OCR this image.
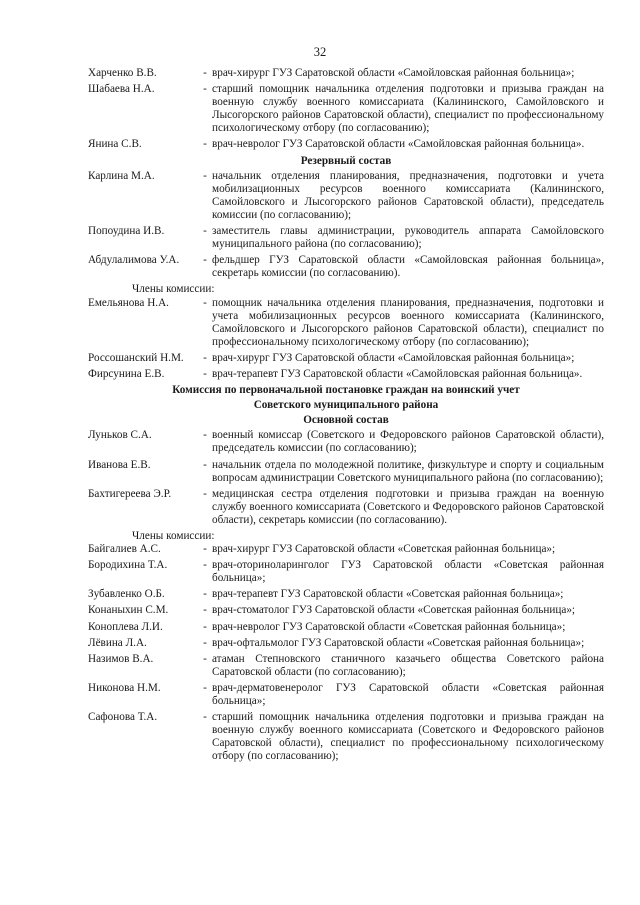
32
Харченко В.В.	- врач-хирург ГУЗ Саратовской области «Самойловская районная больница»;
Шабаева Н.А.	- старший помощник начальника отделения подготовки и призыва граждан на военную службу военного комиссариата (Калининского, Самойловского и Лысогорского районов Саратовской области), специалист по профессиональному психологическому отбору (по согласованию);
Янина С.В.	- врач-невролог ГУЗ Саратовской области «Самойловская районная больница».
Резервный состав
Карлина М.А.	- начальник отделения планирования, предназначения, подготовки и учета мобилизационных ресурсов военного комиссариата (Калининского, Самойловского и Лысогорского районов Саратовской области), председатель комиссии (по согласованию);
Попоудина И.В.	- заместитель главы администрации, руководитель аппарата Самойловского муниципального района (по согласованию);
Абдулалимова У.А.	- фельдшер ГУЗ Саратовской области «Самойловская районная больница», секретарь комиссии (по согласованию).
Члены комиссии:
Емельянова Н.А.	- помощник начальника отделения планирования, предназначения, подготовки и учета мобилизационных ресурсов военного комиссариата (Калининского, Самойловского и Лысогорского районов Саратовской области), специалист по профессиональному психологическому отбору (по согласованию);
Россошанский Н.М.	- врач-хирург ГУЗ Саратовской области «Самойловская районная больница»;
Фирсунина Е.В.	- врач-терапевт ГУЗ Саратовской области «Самойловская районная больница».
Комиссия по первоначальной постановке граждан на воинский учет
Советского муниципального района
Основной состав
Луньков С.А.	- военный комиссар (Советского и Федоровского районов Саратовской области), председатель комиссии (по согласованию);
Иванова Е.В.	- начальник отдела по молодежной политике, физкультуре и спорту и социальным вопросам администрации Советского муниципального района (по согласованию);
Бахтигереева Э.Р.	- медицинская сестра отделения подготовки и призыва граждан на военную службу военного комиссариата (Советского и Федоровского районов Саратовской области), секретарь комиссии (по согласованию).
Члены комиссии:
Байгалиев А.С.	- врач-хирург ГУЗ Саратовской области «Советская районная больница»;
Бородихина Т.А.	- врач-оториноларинголог ГУЗ Саратовской области «Советская районная больница»;
Зубавленко О.Б.	- врач-терапевт ГУЗ Саратовской области «Советская районная больница»;
Конаныхин С.М.	- врач-стоматолог ГУЗ Саратовской области «Советская районная больница»;
Коноплева Л.И.	- врач-невролог ГУЗ Саратовской области «Советская районная больница»;
Лёвина Л.А.	- врач-офтальмолог ГУЗ Саратовской области «Советская районная больница»;
Назимов В.А.	- атаман Степновского станичного казачьего общества Советского района Саратовской области (по согласованию);
Никонова Н.М.	- врач-дерматовенеролог ГУЗ Саратовской области «Советская районная больница»;
Сафонова Т.А.	- старший помощник начальника отделения подготовки и призыва граждан на военную службу военного комиссариата (Советского и Федоровского районов Саратовской области), специалист по профессиональному психологическому отбору (по согласованию);
